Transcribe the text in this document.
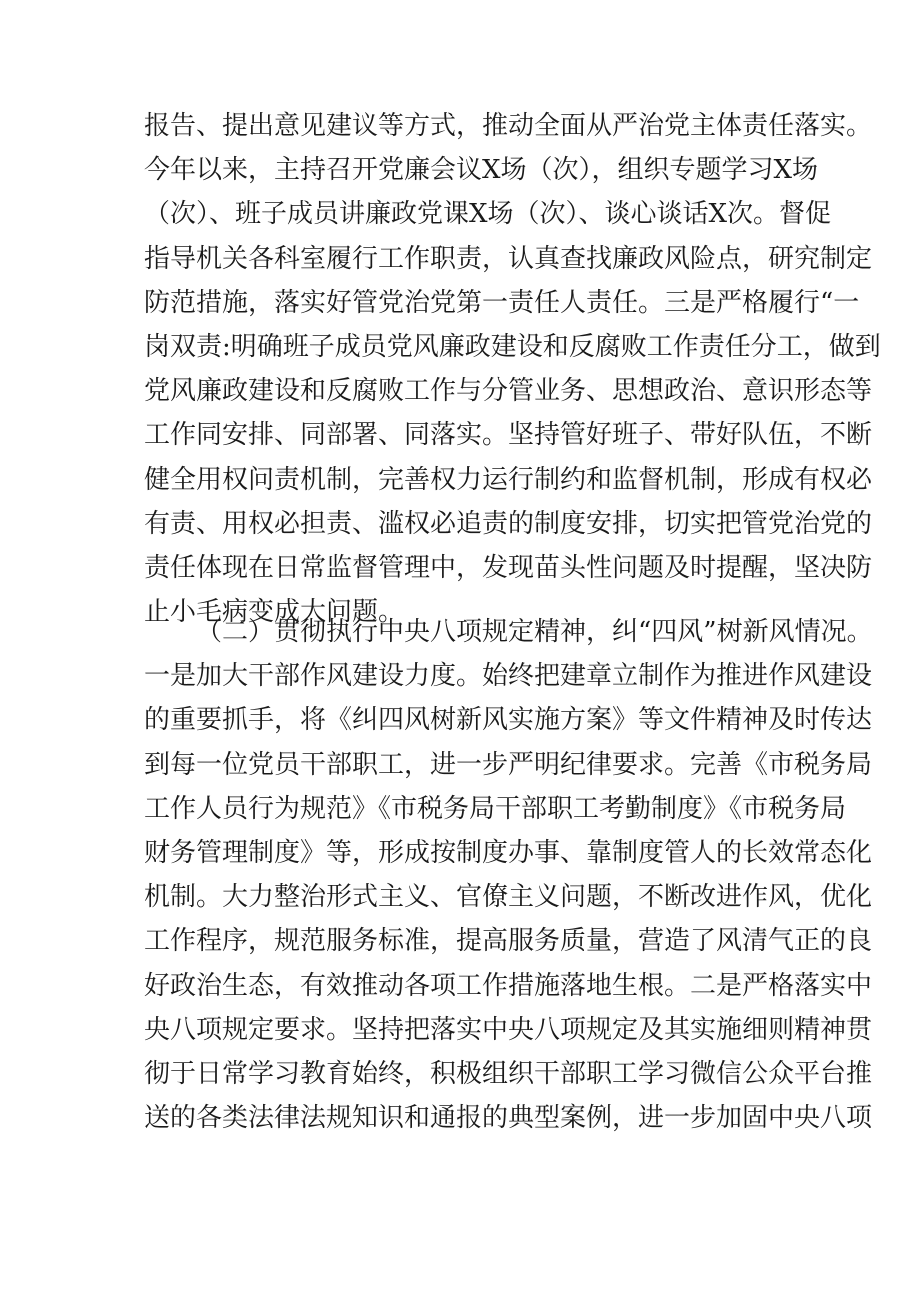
报告、提出意见建议等方式，推动全面从严治党主体责任落实。
今年以来，主持召开党廉会议X场（次），组织专题学习X场
（次）、班子成员讲廉政党课X场（次）、谈心谈话X次。督促
指导机关各科室履行工作职责，认真查找廉政风险点，研究制定
防范措施，落实好管党治党第一责任人责任。三是严格履行“一
岗双责:明确班子成员党风廉政建设和反腐败工作责任分工，做到
党风廉政建设和反腐败工作与分管业务、思想政治、意识形态等
工作同安排、同部署、同落实。坚持管好班子、带好队伍，不断
健全用权问责机制，完善权力运行制约和监督机制，形成有权必
有责、用权必担责、滥权必追责的制度安排，切实把管党治党的
责任体现在日常监督管理中，发现苗头性问题及时提醒，坚决防
止小毛病变成大问题。
（二）贯彻执行中央八项规定精神，纠“四风”树新风情况。
一是加大干部作风建设力度。始终把建章立制作为推进作风建设
的重要抓手，将《纠四风树新风实施方案》等文件精神及时传达
到每一位党员干部职工，进一步严明纪律要求。完善《市税务局
工作人员行为规范》《市税务局干部职工考勤制度》《市税务局
财务管理制度》等，形成按制度办事、靠制度管人的长效常态化
机制。大力整治形式主义、官僚主义问题，不断改进作风，优化
工作程序，规范服务标准，提高服务质量，营造了风清气正的良
好政治生态，有效推动各项工作措施落地生根。二是严格落实中
央八项规定要求。坚持把落实中央八项规定及其实施细则精神贯
彻于日常学习教育始终，积极组织干部职工学习微信公众平台推
送的各类法律法规知识和通报的典型案例，进一步加固中央八项
